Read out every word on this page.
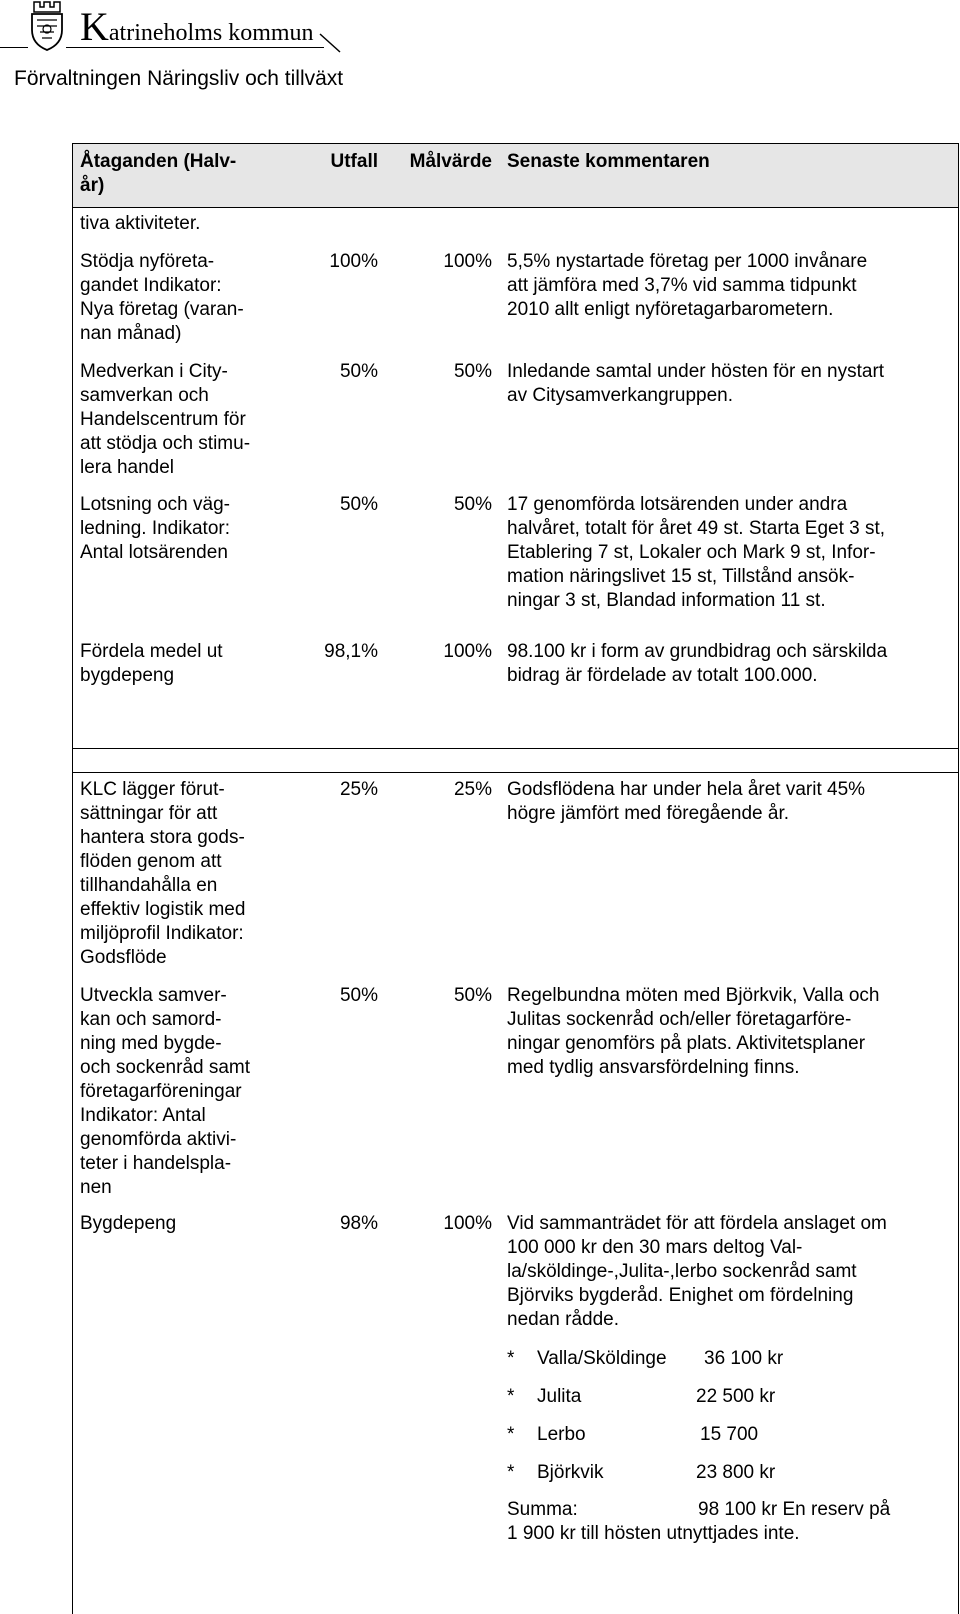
Katrineholms kommun
Förvaltningen Näringsliv och tillväxt
Åtaganden (Halv-
år)
Utfall	Målvärde Senaste kommentaren
tiva aktiviteter.
Stödja nyföreta-
gandet Indikator:
Nya företag (varan-
nan månad)
100%	100% 5,5% nystartade företag per 1000 invånare
att jämföra med 3,7% vid samma tidpunkt
2010 allt enligt nyföretagarbarometern.
Medverkan i City-
samverkan och
Handelscentrum för
att stödja och stimu-
lera handel
50%	50% Inledande samtal under hösten för en nystart
av Citysamverkangruppen.
Lotsning och väg-
ledning. Indikator:
Antal lotsärenden
50%	50% 17 genomförda lotsärenden under andra
halvåret, totalt för året 49 st. Starta Eget 3 st,
Etablering 7 st, Lokaler och Mark 9 st, Infor-
mation näringslivet 15 st, Tillstånd ansök-
ningar 3 st, Blandad information 11 st.
Fördela medel ut
bygdepeng
98,1%	100% 98.100 kr i form av grundbidrag och särskilda
bidrag är fördelade av totalt 100.000.
KLC lägger förut-
sättningar för att
hantera stora gods-
flöden genom att
tillhandahålla en
effektiv logistik med
miljöprofil Indikator:
Godsflöde
25%	25% Godsflödena har under hela året varit 45%
högre jämfört med föregående år.
Utveckla samver-
kan och samord-
ning med bygde-
och sockenråd samt
företagarföreningar
Indikator: Antal
genomförda aktivi-
teter i handelspla-
nen
50%	50% Regelbundna möten med Björkvik, Valla och
Julitas sockenråd och/eller företagarföre-
ningar genomförs på plats. Aktivitetsplaner
med tydlig ansvarsfördelning finns.
Bygdepeng	98%	100% Vid sammanträdet för att fördela anslaget om
100 000 kr den 30 mars deltog Val-
la/sköldinge-,Julita-,lerbo sockenråd samt
Björviks bygderåd. Enighet om fördelning
nedan rådde.
* Valla/Sköldinge 36 100 kr
* Julita	22 500 kr
* Lerbo	15 700
* Björkvik	23 800 kr
Summa:	98 100 kr En reserv på
1 900 kr till hösten utnyttjades inte.
